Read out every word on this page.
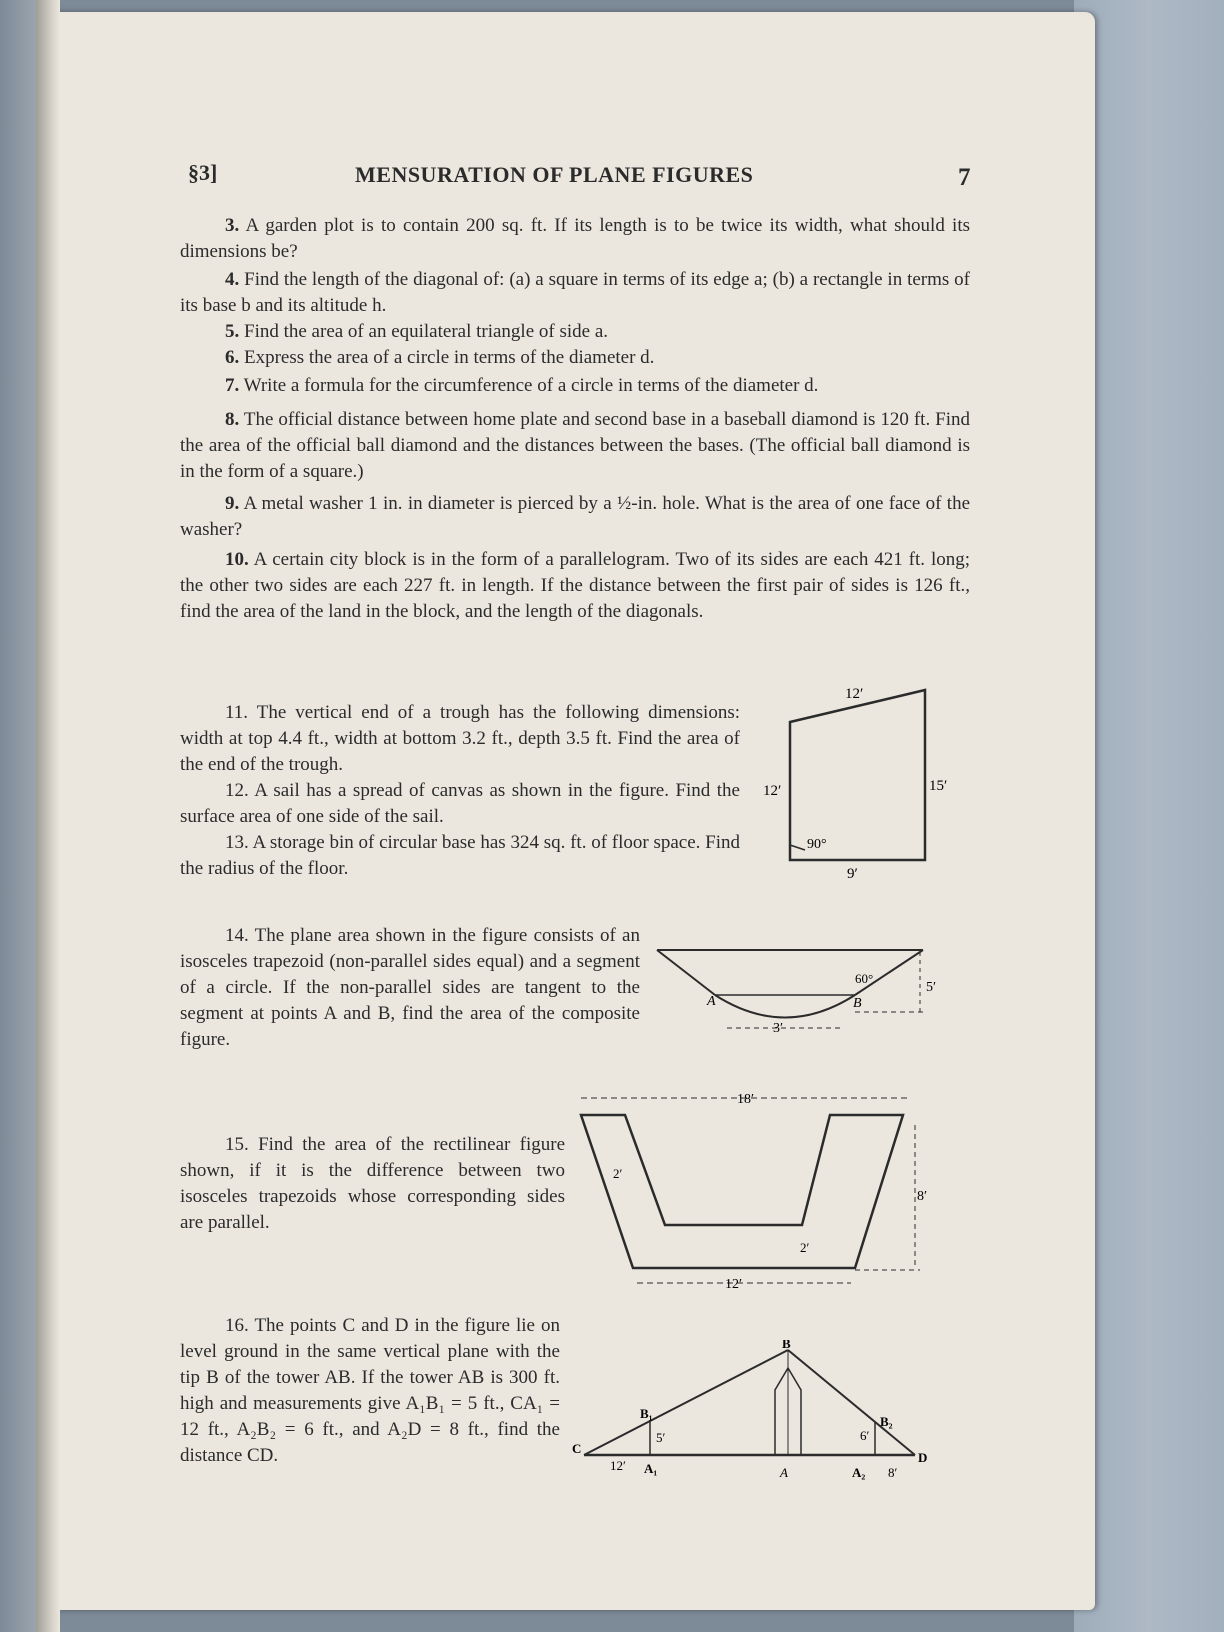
§3]	MENSURATION OF PLANE FIGURES	7

3. A garden plot is to contain 200 sq. ft. If its length is to be twice its width, what should its dimensions be?

4. Find the length of the diagonal of: (a) a square in terms of its edge a; (b) a rectangle in terms of its base b and its altitude h.

5. Find the area of an equilateral triangle of side a.

6. Express the area of a circle in terms of the diameter d.

7. Write a formula for the circumference of a circle in terms of the diameter d.

8. The official distance between home plate and second base in a baseball diamond is 120 ft. Find the area of the official ball diamond and the distances between the bases. (The official ball diamond is in the form of a square.)

9. A metal washer 1 in. in diameter is pierced by a ½-in. hole. What is the area of one face of the washer?

10. A certain city block is in the form of a parallelogram. Two of its sides are each 421 ft. long; the other two sides are each 227 ft. in length. If the distance between the first pair of sides is 126 ft., find the area of the land in the block, and the length of the diagonals.

11. The vertical end of a trough has the following dimensions: width at top 4.4 ft., width at bottom 3.2 ft., depth 3.5 ft. Find the area of the end of the trough.

12. A sail has a spread of canvas as shown in the figure. Find the surface area of one side of the sail.

13. A storage bin of circular base has 324 sq. ft. of floor space. Find the radius of the floor.

12′
12′	15′
9′
90°

14. The plane area shown in the figure consists of an isosceles trapezoid (non-parallel sides equal) and a segment of a circle. If the non-parallel sides are tangent to the segment at points A and B, find the area of the composite figure.

60°
5′
3′
A	B

15. Find the area of the rectilinear figure shown, if it is the difference between two isosceles trapezoids whose corresponding sides are parallel.

18′
12′
8′
2′
2′

16. The points C and D in the figure lie on level ground in the same vertical plane with the tip B of the tower AB. If the tower AB is 300 ft. high and measurements give A₁B₁ = 5 ft., CA₁ = 12 ft., A₂B₂ = 6 ft., and A₂D = 8 ft., find the distance CD.

B
B₁
B₂
C
D
A
A₁	A₂
5′	6′
12′	8′
